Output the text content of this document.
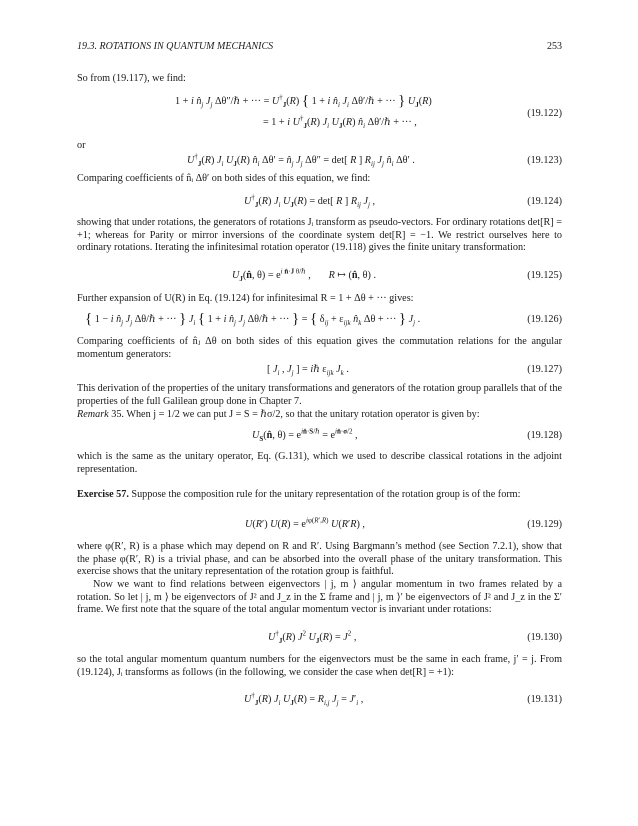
19.3. ROTATIONS IN QUANTUM MECHANICS	253
So from (19.117), we find:
1 + i $n̂_j$ $J_j$ Δθ″/ℏ + ··· = $U^\dagger_J(R)$ { 1 + i $n̂_i$ $J_i$ Δθ′/ℏ + ··· } $U_J(R)$
= 1 + i $U^\dagger_J(R)$ $J_i$ $U_J(R)$ $n̂_i$ Δθ′/ℏ + ··· ,
(19.122)
or
$U^\dagger_J(R)$ $J_i$ $U_J(R)$ $n̂_i$ $\Delta\theta' = n̂_j$ $J_j$ Δθ″ = det[ R ] $R_{ij}$ $J_j$ $n̂_i$ Δθ′ .	(19.123)
Comparing coefficients of n̂ᵢ Δθ′ on both sides of this equation, we find:
$U^\dagger_J(R)$ $J_i$ $U_J(R) = \det$[ R ] $R_{ij}$ $J_j$ ,	(19.124)
showing that under rotations, the generators of rotations Jᵢ transform as pseudo-vectors. For ordinary rotations det[R] = +1; whereas for Parity or mirror inversions of the coordinate system det[R] = −1. We restrict ourselves here to ordinary rotations. Iterating the infinitesimal rotation operator (19.118) gives the finite unitary transformation:
$U_J(n̂$, $\theta) = e^{i n̂\cdot J \theta/\hbar}$ ,       R ↦ (n̂, θ) .	(19.125)
Further expansion of U(R) in Eq. (19.124) for infinitesimal R = 1 + Δθ + ··· gives:
{ 1 − i $n̂_j$ $J_j$ Δθ/ℏ + ··· } $J_i$ { 1 + i $n̂_j$ $J_j$ Δθ/ℏ + ··· } = { $\delta_{ij} + \varepsilon_{ijk}$ $n̂_k$ Δθ + ··· } $J_j$ .	(19.126)
Comparing coefficients of n̂ⱼ Δθ on both sides of this equation gives the commutation relations for the angular momentum generators:
[ $J_i$ , $J_j$ ] = iℏ $\varepsilon_{ijk}$ $J_k$ .	(19.127)
This derivation of the properties of the unitary transformations and generators of the rotation group parallels that of the properties of the full Galilean group done in Chapter 7.
Remark 35. When j = 1/2 we can put J = S = ℏσ/2, so that the unitary rotation operator is given by:
$U_S(n̂$, $\theta) = e^{in̂\cdot S/\hbar} = e^{in̂\cdot\sigma/2}$ ,	(19.128)
which is the same as the unitary operator, Eq. (G.131), which we used to describe classical rotations in the adjoint representation.
Exercise 57. Suppose the composition rule for the unitary representation of the rotation group is of the form:
U(R′) $U(R) = e^{i\varphi(R',R)}$ U(R′R) ,	(19.129)
where φ(R′, R) is a phase which may depend on R and R′. Using Bargmann’s method (see Section 7.2.1), show that the phase φ(R′, R) is a trivial phase, and can be absorbed into the overall phase of the unitary transformation. This exercise shows that the unitary representation of the rotation group is faithful.
Now we want to find relations between eigenvectors | j, m ⟩ angular momentum in two frames related by a rotation. So let | j, m ⟩ be eigenvectors of J² and J_z in the Σ frame and | j, m ⟩′ be eigenvectors of J² and J_z in the Σ′ frame. We first note that the square of the total angular momentum vector is invariant under rotations:
$U^\dagger_J(R)$ $J^2$ $U_J(R) = J^2$ ,	(19.130)
so the total angular momentum quantum numbers for the eigenvectors must be the same in each frame, j′ = j. From (19.124), Jᵢ transforms as follows (in the following, we consider the case when det[R] = +1):
$U^\dagger_J(R)$ $J_i$ $U_J(R) = R_{i,j}$ $J_j = J'_i$ ,	(19.131)
